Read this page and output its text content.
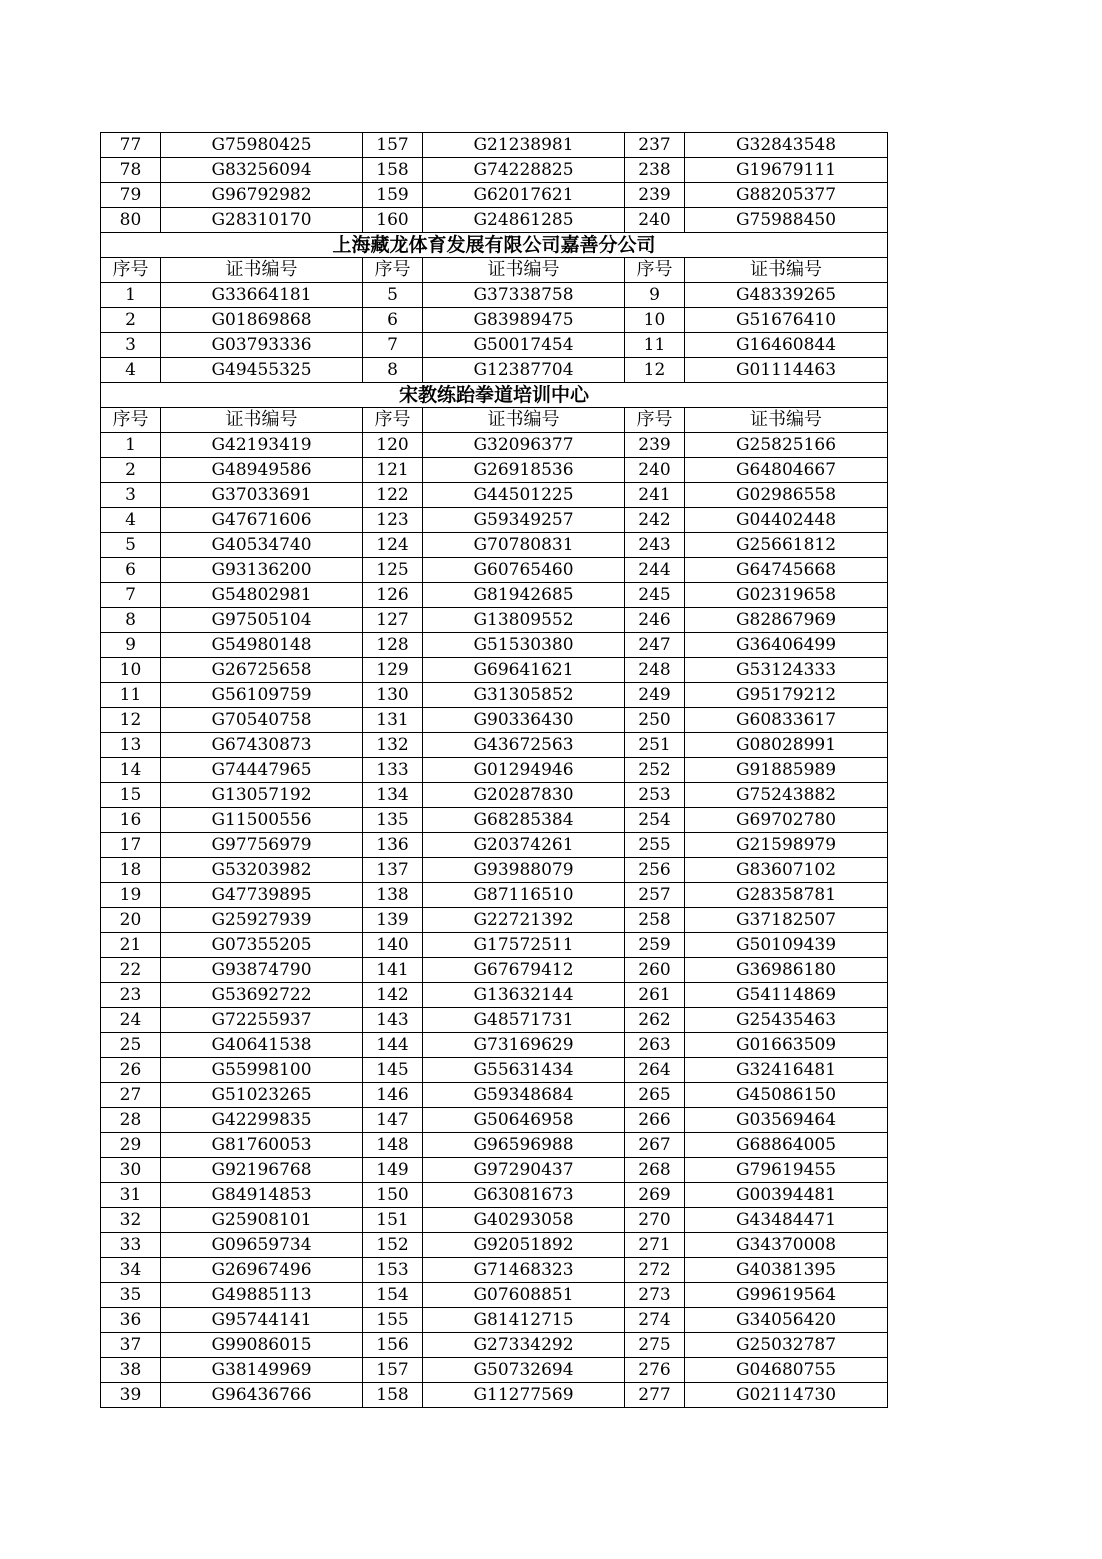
77	G75980425	157	G21238981	237	G32843548
78	G83256094	158	G74228825	238	G19679111
79	G96792982	159	G62017621	239	G88205377
80	G28310170	160	G24861285	240	G75988450
上海藏龙体育发展有限公司嘉善分公司					
序号	证书编号	序号	证书编号	序号	证书编号
1	G33664181	5	G37338758	9	G48339265
2	G01869868	6	G83989475	10	G51676410
3	G03793336	7	G50017454	11	G16460844
4	G49455325	8	G12387704	12	G01114463
宋教练跆拳道培训中心					
序号	证书编号	序号	证书编号	序号	证书编号
1	G42193419	120	G32096377	239	G25825166
2	G48949586	121	G26918536	240	G64804667
3	G37033691	122	G44501225	241	G02986558
4	G47671606	123	G59349257	242	G04402448
5	G40534740	124	G70780831	243	G25661812
6	G93136200	125	G60765460	244	G64745668
7	G54802981	126	G81942685	245	G02319658
8	G97505104	127	G13809552	246	G82867969
9	G54980148	128	G51530380	247	G36406499
10	G26725658	129	G69641621	248	G53124333
11	G56109759	130	G31305852	249	G95179212
12	G70540758	131	G90336430	250	G60833617
13	G67430873	132	G43672563	251	G08028991
14	G74447965	133	G01294946	252	G91885989
15	G13057192	134	G20287830	253	G75243882
16	G11500556	135	G68285384	254	G69702780
17	G97756979	136	G20374261	255	G21598979
18	G53203982	137	G93988079	256	G83607102
19	G47739895	138	G87116510	257	G28358781
20	G25927939	139	G22721392	258	G37182507
21	G07355205	140	G17572511	259	G50109439
22	G93874790	141	G67679412	260	G36986180
23	G53692722	142	G13632144	261	G54114869
24	G72255937	143	G48571731	262	G25435463
25	G40641538	144	G73169629	263	G01663509
26	G55998100	145	G55631434	264	G32416481
27	G51023265	146	G59348684	265	G45086150
28	G42299835	147	G50646958	266	G03569464
29	G81760053	148	G96596988	267	G68864005
30	G92196768	149	G97290437	268	G79619455
31	G84914853	150	G63081673	269	G00394481
32	G25908101	151	G40293058	270	G43484471
33	G09659734	152	G92051892	271	G34370008
34	G26967496	153	G71468323	272	G40381395
35	G49885113	154	G07608851	273	G99619564
36	G95744141	155	G81412715	274	G34056420
37	G99086015	156	G27334292	275	G25032787
38	G38149969	157	G50732694	276	G04680755
39	G96436766	158	G11277569	277	G02114730
